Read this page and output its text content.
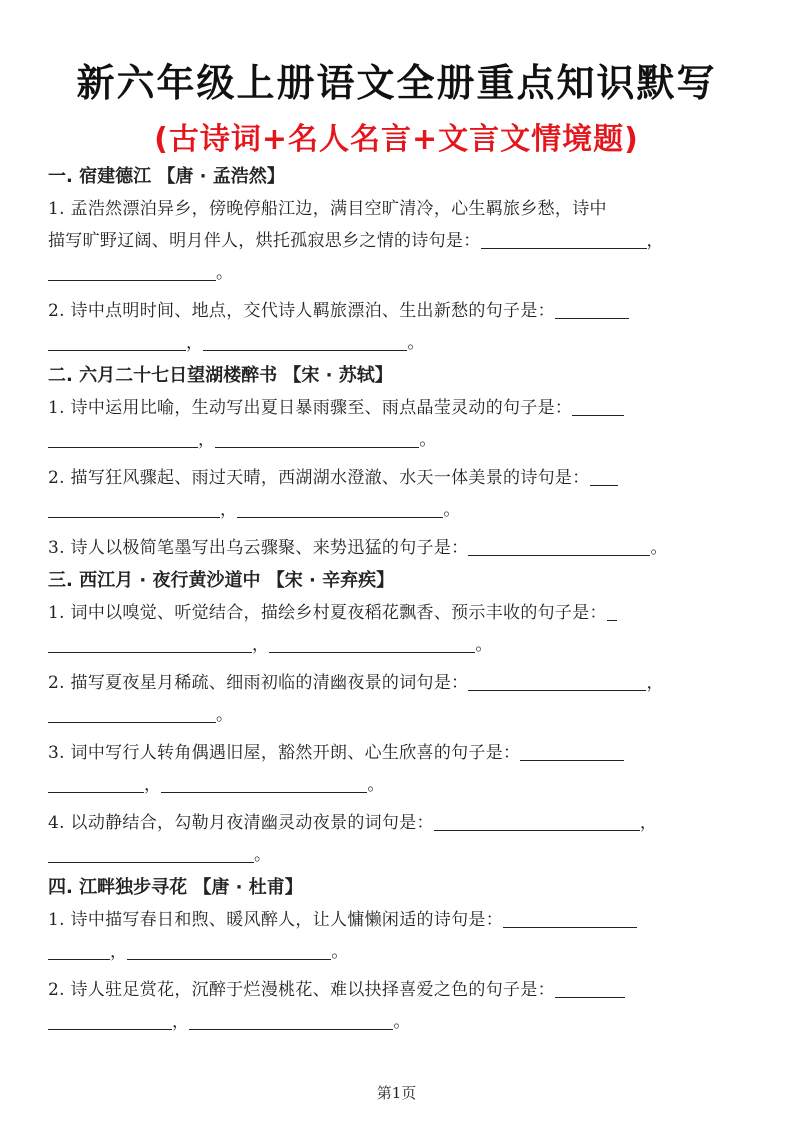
新六年级上册语文全册重点知识默写
(古诗词+名人名言+文言文情境题)
一. 宿建德江 【唐 · 孟浩然】
1. 孟浩然漂泊异乡，傍晚停船江边，满目空旷清冷，心生羁旅乡愁，诗中
描写旷野辽阔、明月伴人，烘托孤寂思乡之情的诗句是：	，
。
2. 诗中点明时间、地点，交代诗人羁旅漂泊、生出新愁的句子是：
，	。
二. 六月二十七日望湖楼醉书 【宋 · 苏轼】
1. 诗中运用比喻，生动写出夏日暴雨骤至、雨点晶莹灵动的句子是：
，	。
2. 描写狂风骤起、雨过天晴，西湖湖水澄澈、水天一体美景的诗句是：
，	。
3. 诗人以极简笔墨写出乌云骤聚、来势迅猛的句子是：	。
三. 西江月 · 夜行黄沙道中 【宋 · 辛弃疾】
1. 词中以嗅觉、听觉结合，描绘乡村夏夜稻花飘香、预示丰收的句子是：
，	。
2. 描写夏夜星月稀疏、细雨初临的清幽夜景的词句是：	，
。
3. 词中写行人转角偶遇旧屋，豁然开朗、心生欣喜的句子是：
，	。
4. 以动静结合，勾勒月夜清幽灵动夜景的词句是：	，
。
四. 江畔独步寻花 【唐 · 杜甫】
1. 诗中描写春日和煦、暖风醉人，让人慵懒闲适的诗句是：
，	。
2. 诗人驻足赏花，沉醉于烂漫桃花、难以抉择喜爱之色的句子是：
，	。
第1页
